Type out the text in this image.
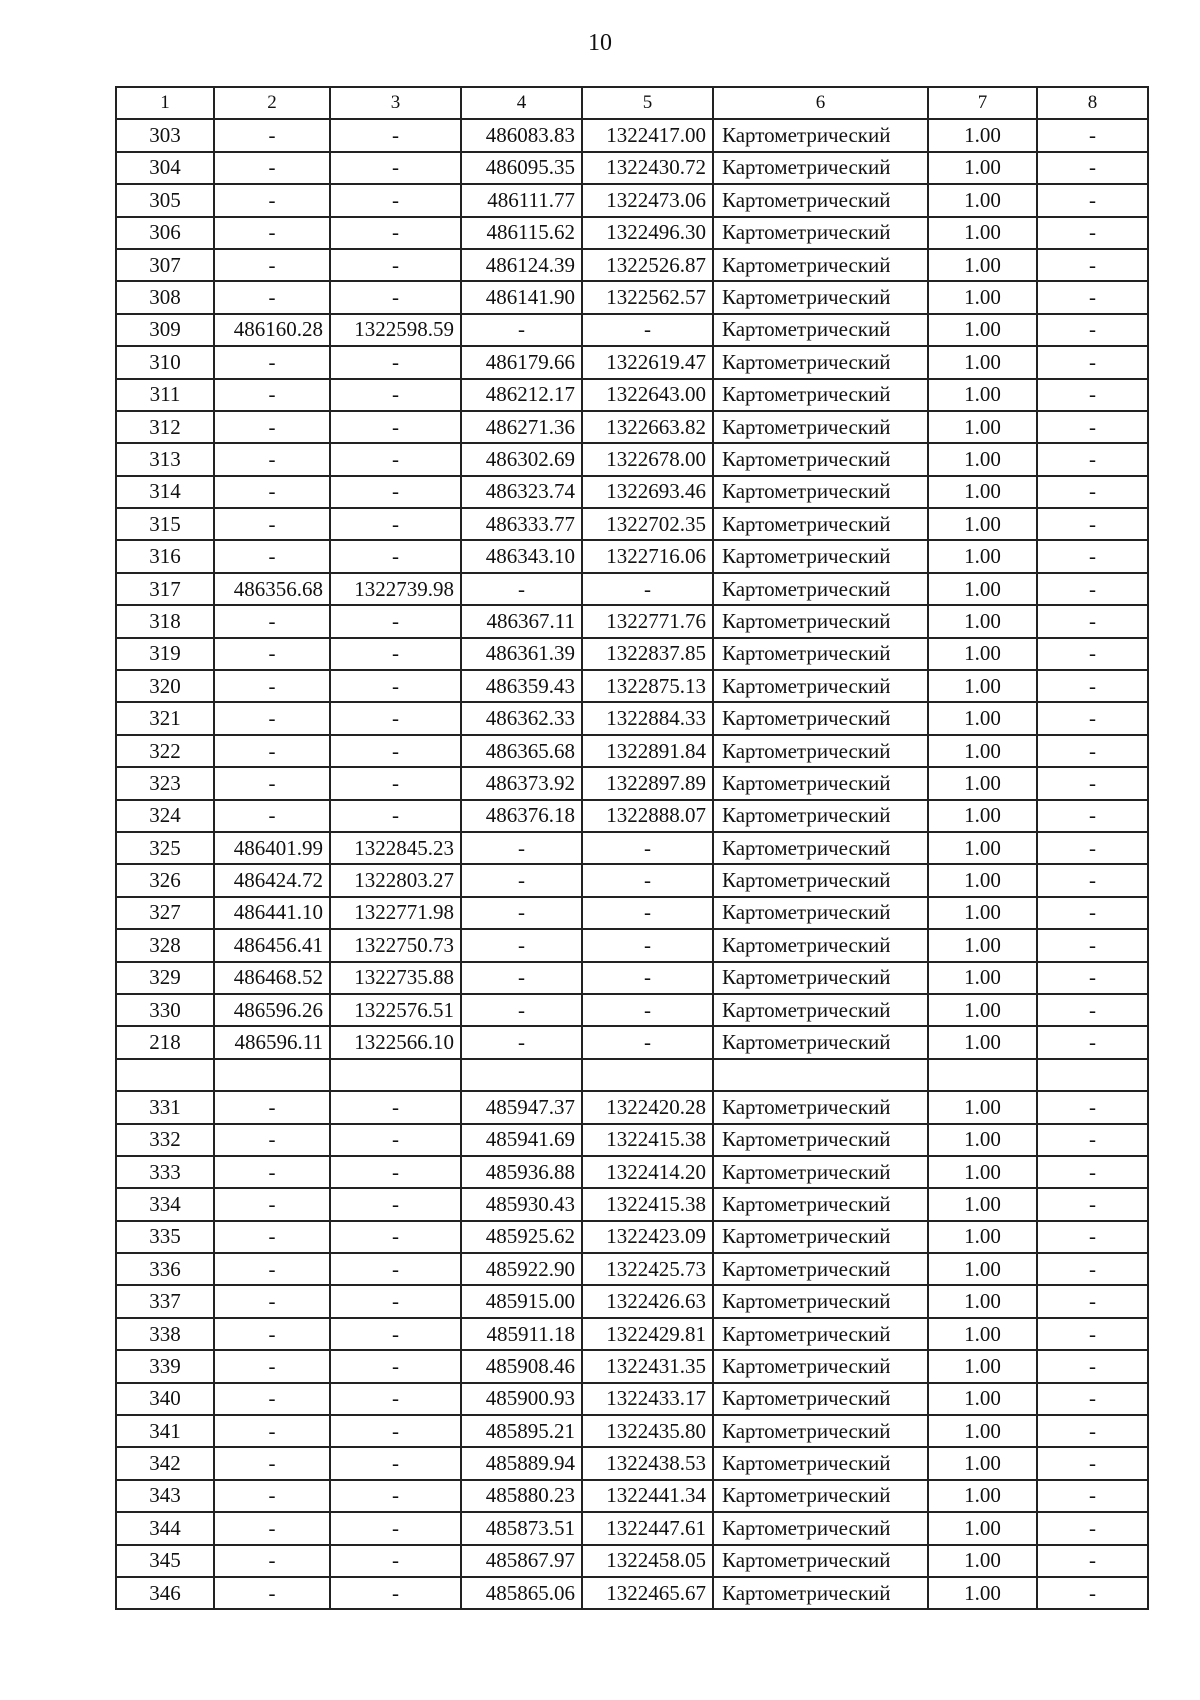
10
1	2	3	4	5	6	7	8
303	-	-	486083.83	1322417.00	Картометрический	1.00	-
304	-	-	486095.35	1322430.72	Картометрический	1.00	-
305	-	-	486111.77	1322473.06	Картометрический	1.00	-
306	-	-	486115.62	1322496.30	Картометрический	1.00	-
307	-	-	486124.39	1322526.87	Картометрический	1.00	-
308	-	-	486141.90	1322562.57	Картометрический	1.00	-
309	486160.28	1322598.59	-	-	Картометрический	1.00	-
310	-	-	486179.66	1322619.47	Картометрический	1.00	-
311	-	-	486212.17	1322643.00	Картометрический	1.00	-
312	-	-	486271.36	1322663.82	Картометрический	1.00	-
313	-	-	486302.69	1322678.00	Картометрический	1.00	-
314	-	-	486323.74	1322693.46	Картометрический	1.00	-
315	-	-	486333.77	1322702.35	Картометрический	1.00	-
316	-	-	486343.10	1322716.06	Картометрический	1.00	-
317	486356.68	1322739.98	-	-	Картометрический	1.00	-
318	-	-	486367.11	1322771.76	Картометрический	1.00	-
319	-	-	486361.39	1322837.85	Картометрический	1.00	-
320	-	-	486359.43	1322875.13	Картометрический	1.00	-
321	-	-	486362.33	1322884.33	Картометрический	1.00	-
322	-	-	486365.68	1322891.84	Картометрический	1.00	-
323	-	-	486373.92	1322897.89	Картометрический	1.00	-
324	-	-	486376.18	1322888.07	Картометрический	1.00	-
325	486401.99	1322845.23	-	-	Картометрический	1.00	-
326	486424.72	1322803.27	-	-	Картометрический	1.00	-
327	486441.10	1322771.98	-	-	Картометрический	1.00	-
328	486456.41	1322750.73	-	-	Картометрический	1.00	-
329	486468.52	1322735.88	-	-	Картометрический	1.00	-
330	486596.26	1322576.51	-	-	Картометрический	1.00	-
218	486596.11	1322566.10	-	-	Картометрический	1.00	-

331	-	-	485947.37	1322420.28	Картометрический	1.00	-
332	-	-	485941.69	1322415.38	Картометрический	1.00	-
333	-	-	485936.88	1322414.20	Картометрический	1.00	-
334	-	-	485930.43	1322415.38	Картометрический	1.00	-
335	-	-	485925.62	1322423.09	Картометрический	1.00	-
336	-	-	485922.90	1322425.73	Картометрический	1.00	-
337	-	-	485915.00	1322426.63	Картометрический	1.00	-
338	-	-	485911.18	1322429.81	Картометрический	1.00	-
339	-	-	485908.46	1322431.35	Картометрический	1.00	-
340	-	-	485900.93	1322433.17	Картометрический	1.00	-
341	-	-	485895.21	1322435.80	Картометрический	1.00	-
342	-	-	485889.94	1322438.53	Картометрический	1.00	-
343	-	-	485880.23	1322441.34	Картометрический	1.00	-
344	-	-	485873.51	1322447.61	Картометрический	1.00	-
345	-	-	485867.97	1322458.05	Картометрический	1.00	-
346	-	-	485865.06	1322465.67	Картометрический	1.00	-
